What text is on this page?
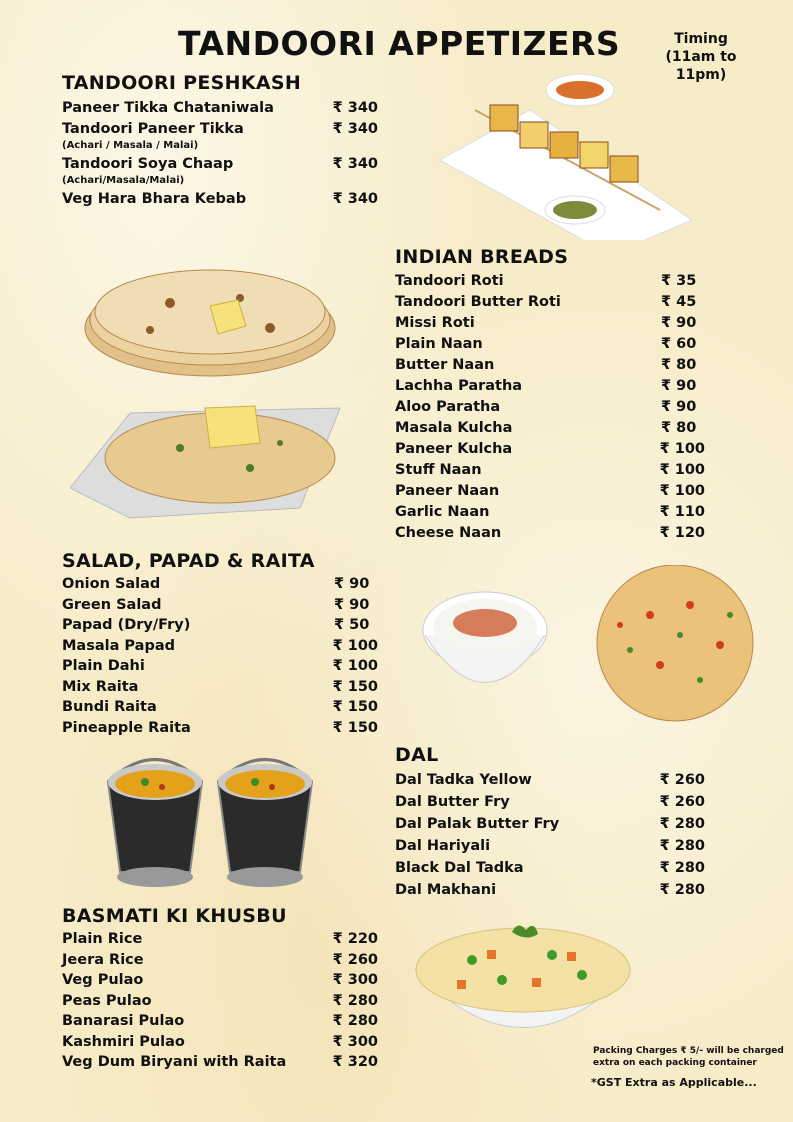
TANDOORI APPETIZERS	Timing
(11am to 11pm)
TANDOORI PESHKASH
Paneer Tikka Chataniwala	₹ 340
Tandoori Paneer Tikka	₹ 340
(Achari / Masala / Malai)
Tandoori Soya Chaap	₹ 340
(Achari/Masala/Malai)
Veg Hara Bhara Kebab	₹ 340
INDIAN BREADS
Tandoori Roti	₹ 35
Tandoori Butter Roti	₹ 45
Missi Roti	₹ 90
Plain Naan	₹ 60
Butter Naan	₹ 80
Lachha Paratha	₹ 90
Aloo Paratha	₹ 90
Masala Kulcha	₹ 80
Paneer Kulcha	₹ 100
Stuff Naan	₹ 100
Paneer Naan	₹ 100
Garlic Naan	₹ 110
Cheese Naan	₹ 120
SALAD, PAPAD & RAITA
Onion Salad	₹ 90
Green Salad	₹ 90
Papad (Dry/Fry)	₹ 50
Masala Papad	₹ 100
Plain Dahi	₹ 100
Mix Raita	₹ 150
Bundi Raita	₹ 150
Pineapple Raita	₹ 150
DAL
Dal Tadka Yellow	₹ 260
Dal Butter Fry	₹ 260
Dal Palak Butter Fry	₹ 280
Dal Hariyali	₹ 280
Black Dal Tadka	₹ 280
Dal Makhani	₹ 280
BASMATI KI KHUSBU
Plain Rice	₹ 220
Jeera Rice	₹ 260
Veg Pulao	₹ 300
Peas Pulao	₹ 280
Banarasi Pulao	₹ 280
Kashmiri Pulao	₹ 300
Veg Dum Biryani with Raita	₹ 320
Packing Charges ₹ 5/- will be charged
extra on each packing container
*GST Extra as Applicable...
